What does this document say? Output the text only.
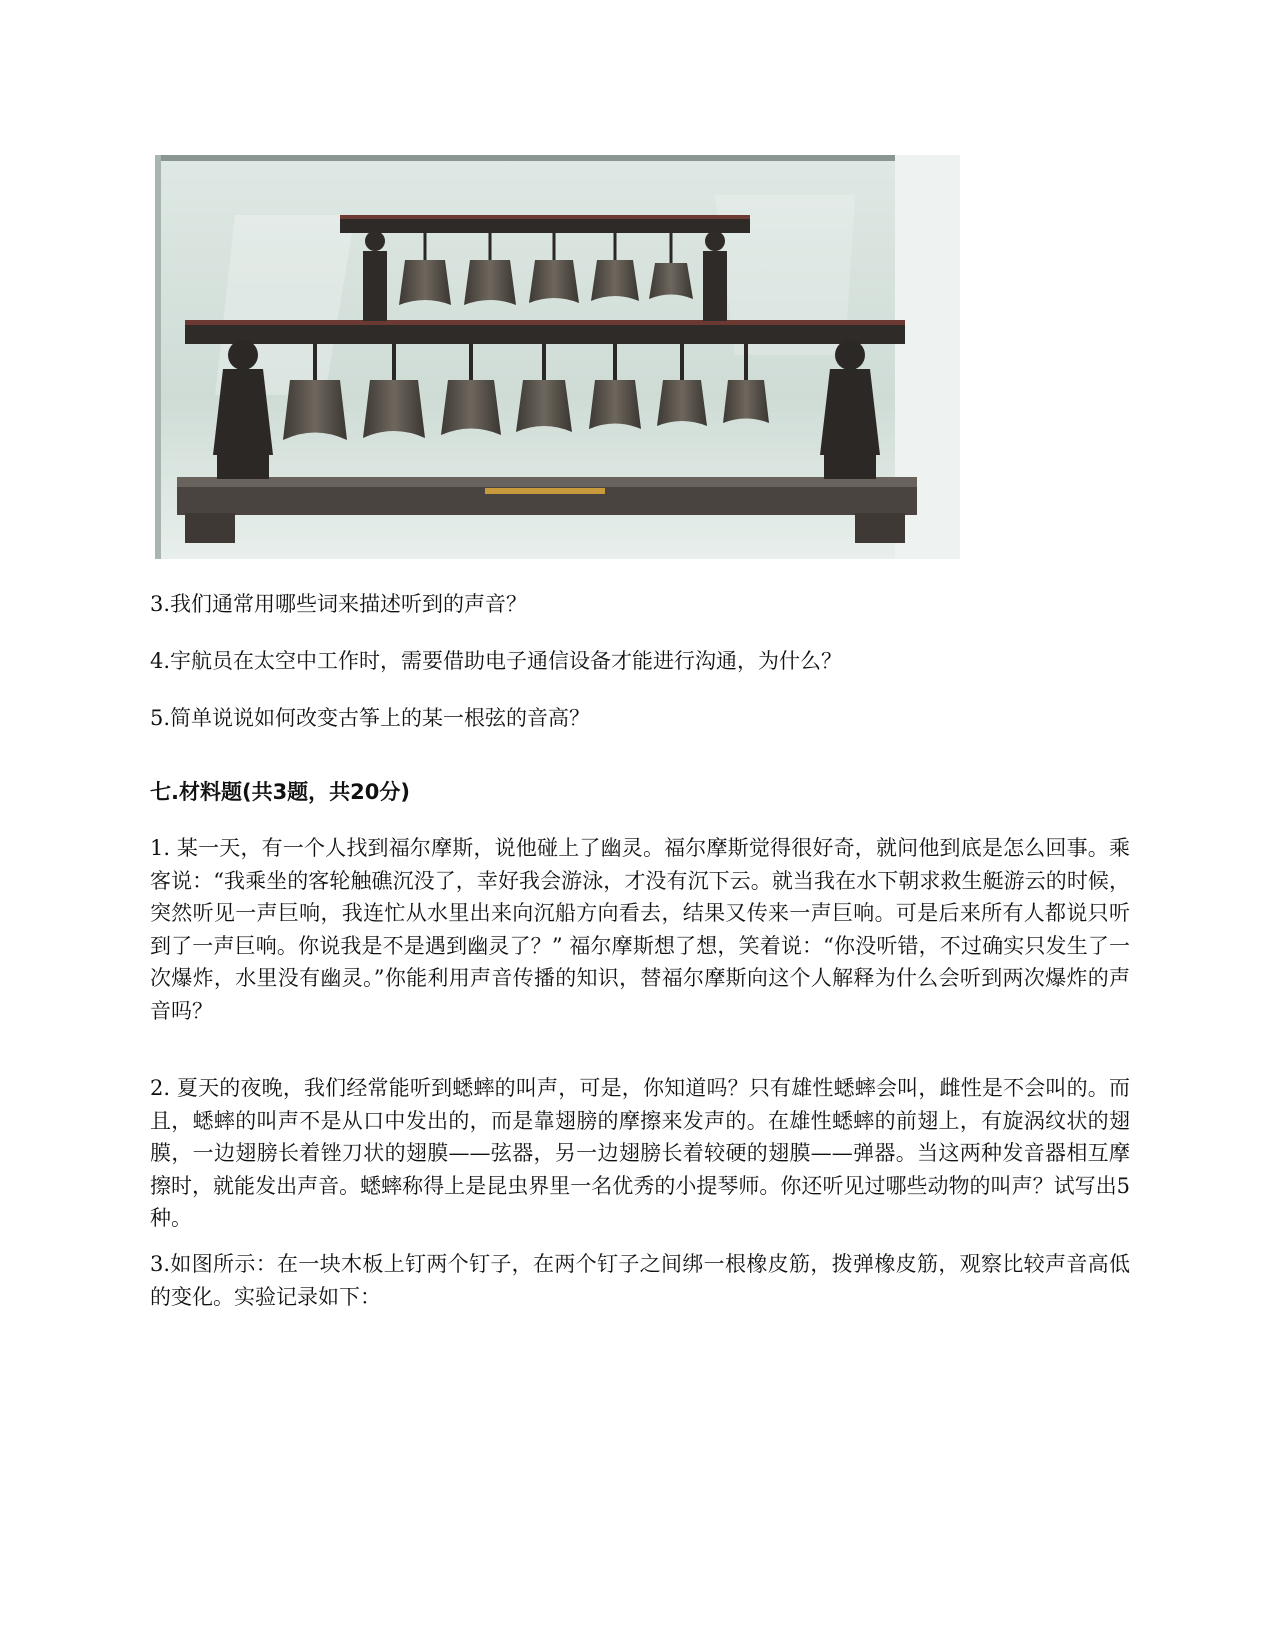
3.我们通常用哪些词来描述听到的声音？

4.宇航员在太空中工作时，需要借助电子通信设备才能进行沟通，为什么？

5.简单说说如何改变古筝上的某一根弦的音高？

七.材料题(共3题，共20分)

1. 某一天，有一个人找到福尔摩斯，说他碰上了幽灵。福尔摩斯觉得很好奇，就问他到底是怎么回事。乘客说：“我乘坐的客轮触礁沉没了，幸好我会游泳，才没有沉下云。就当我在水下朝求救生艇游云的时候，突然听见一声巨响，我连忙从水里出来向沉船方向看去，结果又传来一声巨响。可是后来所有人都说只听到了一声巨响。你说我是不是遇到幽灵了？” 福尔摩斯想了想，笑着说：“你没听错，不过确实只发生了一次爆炸，水里没有幽灵。”你能利用声音传播的知识，替福尔摩斯向这个人解释为什么会听到两次爆炸的声音吗？

2. 夏天的夜晚，我们经常能听到蟋蟀的叫声，可是，你知道吗？只有雄性蟋蟀会叫，雌性是不会叫的。而且，蟋蟀的叫声不是从口中发出的，而是靠翅膀的摩擦来发声的。在雄性蟋蟀的前翅上，有旋涡纹状的翅膜，一边翅膀长着锉刀状的翅膜——弦器，另一边翅膀长着较硬的翅膜——弹器。当这两种发音器相互摩擦时，就能发出声音。蟋蟀称得上是昆虫界里一名优秀的小提琴师。你还听见过哪些动物的叫声？试写出5种。

3.如图所示：在一块木板上钉两个钉子，在两个钉子之间绑一根橡皮筋，拨弹橡皮筋，观察比较声音高低的变化。实验记录如下：
